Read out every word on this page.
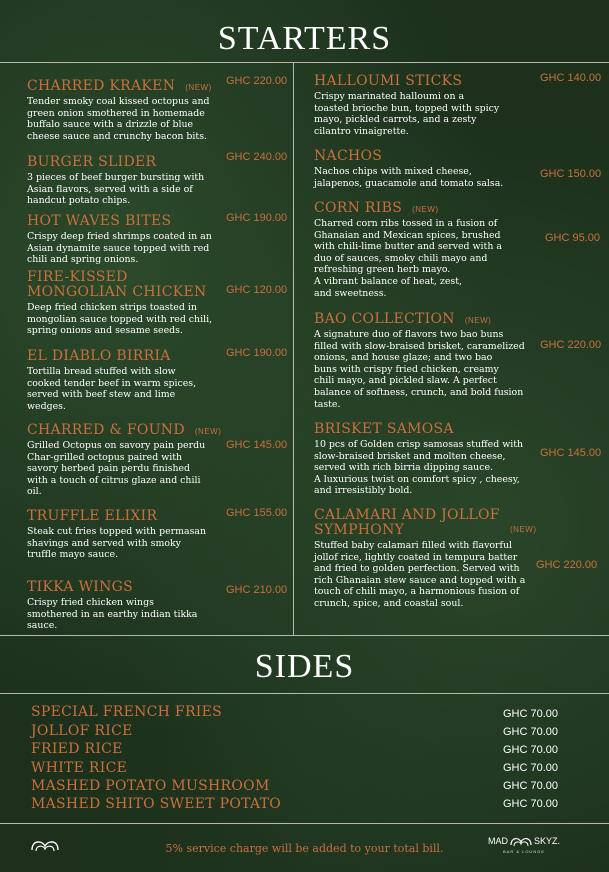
STARTERS
CHARRED KRAKEN (NEW)
Tender smoky coal kissed octopus and
green onion smothered in homemade
buffalo sauce with a drizzle of blue
cheese sauce and crunchy bacon bits.
GHC 220.00
BURGER SLIDER
3 pieces of beef burger bursting with
Asian flavors, served with a side of
handcut potato chips.
GHC 240.00
HOT WAVES BITES
Crispy deep fried shrimps coated in an
Asian dynamite sauce topped with red
chili and spring onions.
GHC 190.00
FIRE-KISSED
MONGOLIAN CHICKEN
Deep fried chicken strips toasted in
mongolian sauce topped with red chili,
spring onions and sesame seeds.
GHC 120.00
EL DIABLO BIRRIA
Tortilla bread stuffed with slow
cooked tender beef in warm spices,
served with beef stew and lime
wedges.
GHC 190.00
CHARRED & FOUND (NEW)
Grilled Octopus on savory pain perdu
Char-grilled octopus paired with
savory herbed pain perdu finished
with a touch of citrus glaze and chili
oil.
GHC 145.00
TRUFFLE ELIXIR
Steak cut fries topped with permasan
shavings and served with smoky
truffle mayo sauce.
GHC 155.00
TIKKA WINGS
Crispy fried chicken wings
smothered in an earthy indian tikka
sauce.
GHC 210.00
HALLOUMI STICKS
Crispy marinated halloumi on a
toasted brioche bun, topped with spicy
mayo, pickled carrots, and a zesty
cilantro vinaigrette.
GHC 140.00
NACHOS
Nachos chips with mixed cheese,
jalapenos, guacamole and tomato salsa.
GHC 150.00
CORN RIBS (NEW)
Charred corn ribs tossed in a fusion of
Ghanaian and Mexican spices, brushed
with chili-lime butter and served with a
duo of sauces, smoky chili mayo and
refreshing green herb mayo.
A vibrant balance of heat, zest,
and sweetness.
GHC 95.00
BAO COLLECTION (NEW)
A signature duo of flavors two bao buns
filled with slow-braised brisket, caramelized
onions, and house glaze; and two bao
buns with crispy fried chicken, creamy
chili mayo, and pickled slaw. A perfect
balance of softness, crunch, and bold fusion
taste.
GHC 220.00
BRISKET SAMOSA
10 pcs of Golden crisp samosas stuffed with
slow-braised brisket and molten cheese,
served with rich birria dipping sauce.
A luxurious twist on comfort spicy , cheesy,
and irresistibly bold.
GHC 145.00
CALAMARI AND JOLLOF
SYMPHONY
Stuffed baby calamari filled with flavorful
jollof rice, lightly coated in tempura batter
and fried to golden perfection. Served with
rich Ghanaian stew sauce and topped with a
touch of chili mayo, a harmonious fusion of
crunch, spice, and coastal soul.
(NEW)
GHC 220.00
SIDES
SPECIAL FRENCH FRIES	GHC 70.00
JOLLOF RICE	GHC 70.00
FRIED RICE	GHC 70.00
WHITE RICE	GHC 70.00
MASHED POTATO MUSHROOM	GHC 70.00
MASHED SHITO SWEET POTATO	GHC 70.00
5% service charge will be added to your total bill.
MAD	SKYZ.
BAR & LOUNGE
